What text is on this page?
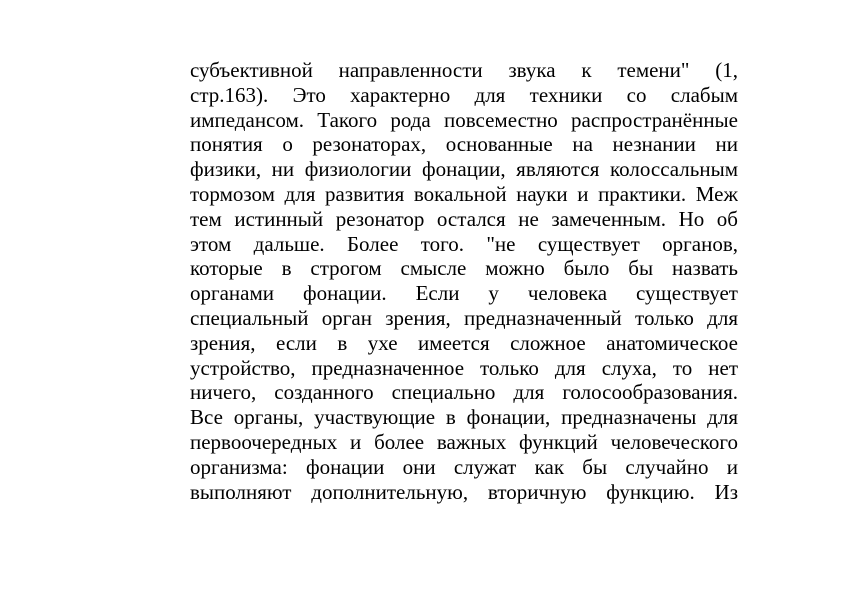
субъективной направленности звука к темени" (1,
стр.163). Это характерно для техники со слабым
импедансом. Такого рода повсеместно распространённые
понятия о резонаторах, основанные на незнании ни
физики, ни физиологии фонации, являются колоссальным
тормозом для развития вокальной науки и практики. Меж
тем истинный резонатор остался не замеченным. Но об
этом дальше. Более того. "не существует органов,
которые в строгом смысле можно было бы назвать
органами фонации. Если у человека существует
специальный орган зрения, предназначенный только для
зрения, если в ухе имеется сложное анатомическое
устройство, предназначенное только для слуха, то нет
ничего, созданного специально для голосообразования.
Все органы, участвующие в фонации, предназначены для
первоочередных и более важных функций человеческого
организма: фонации они служат как бы случайно и
выполняют дополнительную, вторичную функцию. Из
